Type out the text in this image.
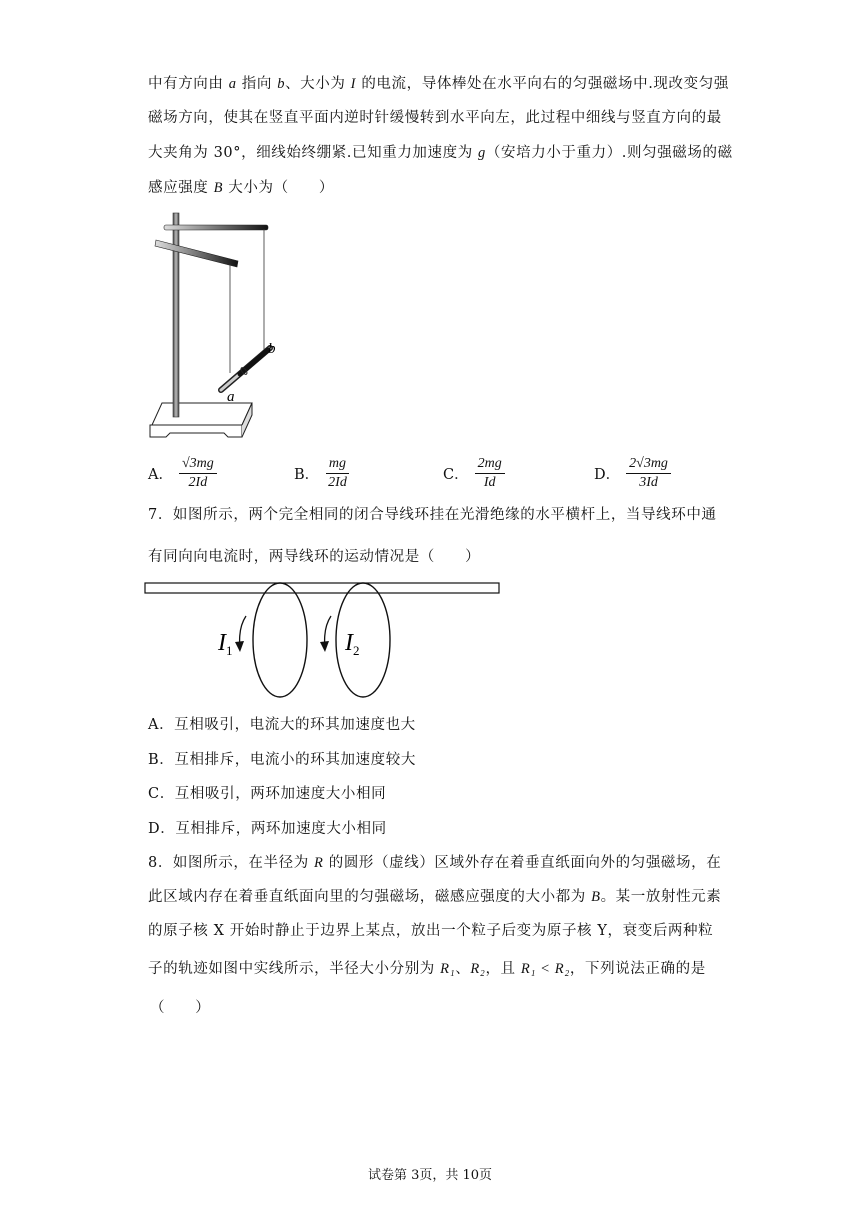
中有方向由 a 指向 b、大小为 I 的电流，导体棒处在水平向右的匀强磁场中.现改变匀强
磁场方向，使其在竖直平面内逆时针缓慢转到水平向左，此过程中细线与竖直方向的最
大夹角为 30°，细线始终绷紧.已知重力加速度为 g（安培力小于重力）.则匀强磁场的磁
感应强度 B 大小为（　　）
b
a
A． $\frac{√3mg}{2Id}$	B． $\frac{mg}{2Id}$	C． $\frac{2mg}{Id}$	D． $\frac{2√3mg}{3Id}$
7．如图所示，两个完全相同的闭合导线环挂在光滑绝缘的水平横杆上，当导线环中通
有同向向电流时，两导线环的运动情况是（　　）
$I_1$	$I_2$
A．互相吸引，电流大的环其加速度也大
B．互相排斥，电流小的环其加速度较大
C．互相吸引，两环加速度大小相同
D．互相排斥，两环加速度大小相同
8．如图所示，在半径为 R 的圆形（虚线）区域外存在着垂直纸面向外的匀强磁场，在
此区域内存在着垂直纸面向里的匀强磁场，磁感应强度的大小都为 B。某一放射性元素
的原子核 X 开始时静止于边界上某点，放出一个粒子后变为原子核 Y，衰变后两种粒
子的轨迹如图中实线所示，半径大小分别为 R₁、R₂，且 R₁ < R₂，下列说法正确的是
（　　）
试卷第 3页，共 10页
